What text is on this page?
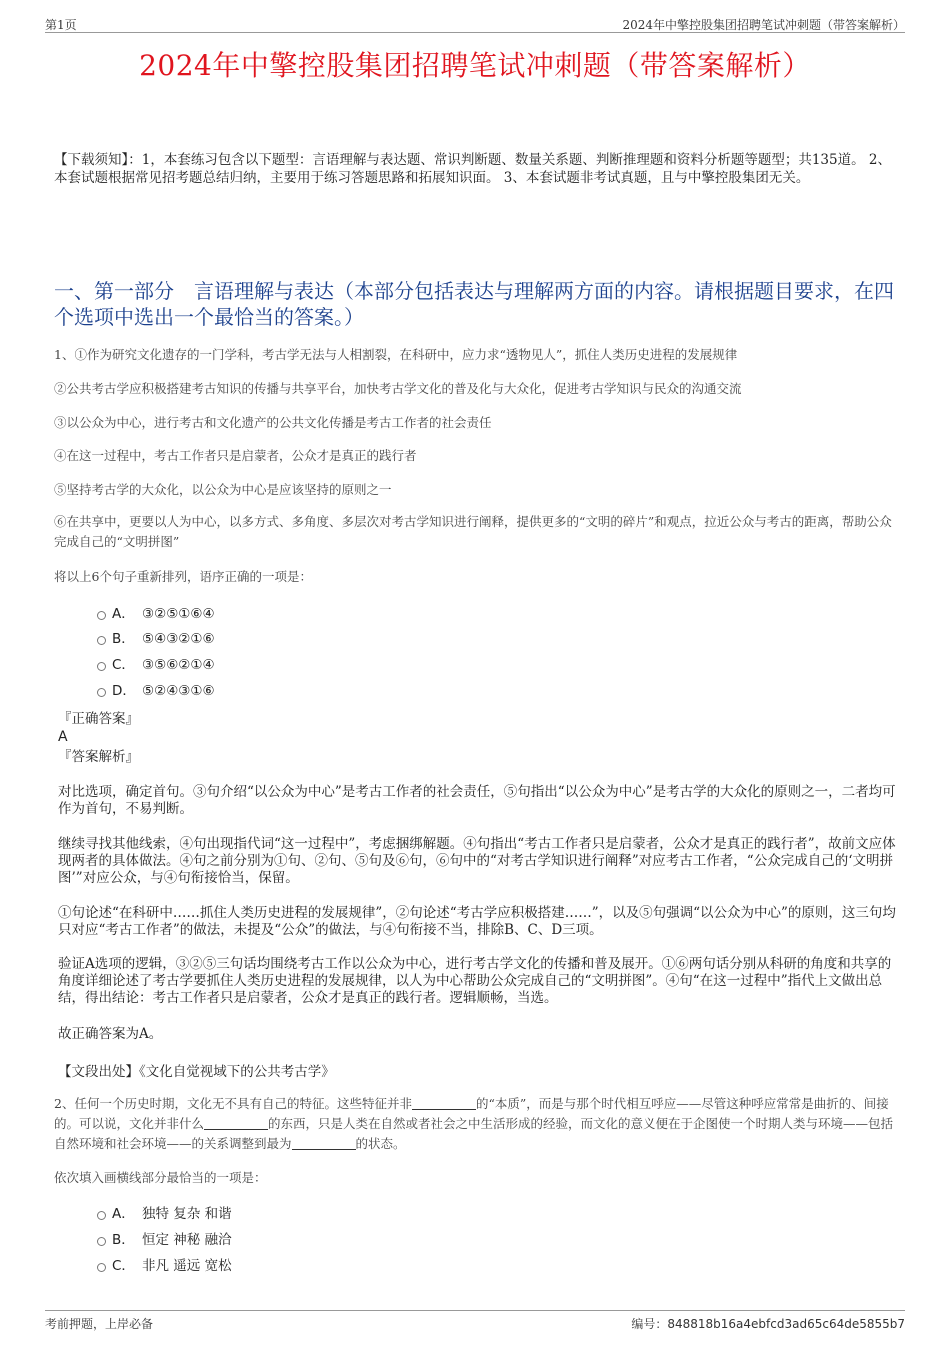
第1页	2024年中擎控股集团招聘笔试冲刺题（带答案解析）
2024年中擎控股集团招聘笔试冲刺题（带答案解析）
【下载须知】：1，本套练习包含以下题型：言语理解与表达题、常识判断题、数量关系题、判断推理题和资料分析题等题型；共135道。 2、本套试题根据常见招考题总结归纳，主要用于练习答题思路和拓展知识面。 3、本套试题非考试真题，且与中擎控股集团无关。
一、第一部分　言语理解与表达（本部分包括表达与理解两方面的内容。请根据题目要求，在四个选项中选出一个最恰当的答案。）
1、①作为研究文化遗存的一门学科，考古学无法与人相割裂，在科研中，应力求“透物见人”，抓住人类历史进程的发展规律
②公共考古学应积极搭建考古知识的传播与共享平台，加快考古学文化的普及化与大众化，促进考古学知识与民众的沟通交流
③以公众为中心，进行考古和文化遗产的公共文化传播是考古工作者的社会责任
④在这一过程中，考古工作者只是启蒙者，公众才是真正的践行者
⑤坚持考古学的大众化，以公众为中心是应该坚持的原则之一
⑥在共享中，更要以人为中心，以多方式、多角度、多层次对考古学知识进行阐释，提供更多的“文明的碎片”和观点，拉近公众与考古的距离，帮助公众完成自己的“文明拼图”
将以上6个句子重新排列，语序正确的一项是：
A． ③②⑤①⑥④
B． ⑤④③②①⑥
C． ③⑤⑥②①④
D． ⑤②④③①⑥
『正确答案』
A
『答案解析』
对比选项，确定首句。③句介绍“以公众为中心”是考古工作者的社会责任，⑤句指出“以公众为中心”是考古学的大众化的原则之一，二者均可作为首句，不易判断。
继续寻找其他线索，④句出现指代词“这一过程中”，考虑捆绑解题。④句指出“考古工作者只是启蒙者，公众才是真正的践行者”，故前文应体现两者的具体做法。④句之前分别为①句、②句、⑤句及⑥句，⑥句中的“对考古学知识进行阐释”对应考古工作者，“公众完成自己的‘文明拼图’”对应公众，与④句衔接恰当，保留。
①句论述“在科研中……抓住人类历史进程的发展规律”，②句论述“考古学应积极搭建……”，以及⑤句强调“以公众为中心”的原则，这三句均只对应“考古工作者”的做法，未提及“公众”的做法，与④句衔接不当，排除B、C、D三项。
验证A选项的逻辑，③②⑤三句话均围绕考古工作以公众为中心，进行考古学文化的传播和普及展开。①⑥两句话分别从科研的角度和共享的角度详细论述了考古学要抓住人类历史进程的发展规律，以人为中心帮助公众完成自己的“文明拼图”。④句“在这一过程中”指代上文做出总结，得出结论：考古工作者只是启蒙者，公众才是真正的践行者。逻辑顺畅，当选。
故正确答案为A。
【文段出处】《文化自觉视域下的公共考古学》
2、任何一个历史时期，文化无不具有自己的特征。这些特征并非	的“本质”，而是与那个时代相互呼应——尽管这种呼应常常是曲折的、间接的。可以说，文化并非什么	的东西，只是人类在自然或者社会之中生活形成的经验，而文化的意义便在于企图使一个时期人类与环境——包括自然环境和社会环境——的关系调整到最为	的状态。
依次填入画横线部分最恰当的一项是：
A． 独特 复杂 和谐
B． 恒定 神秘 融洽
C． 非凡 遥远 宽松
考前押题，上岸必备	编号：848818b16a4ebfcd3ad65c64de5855b7
